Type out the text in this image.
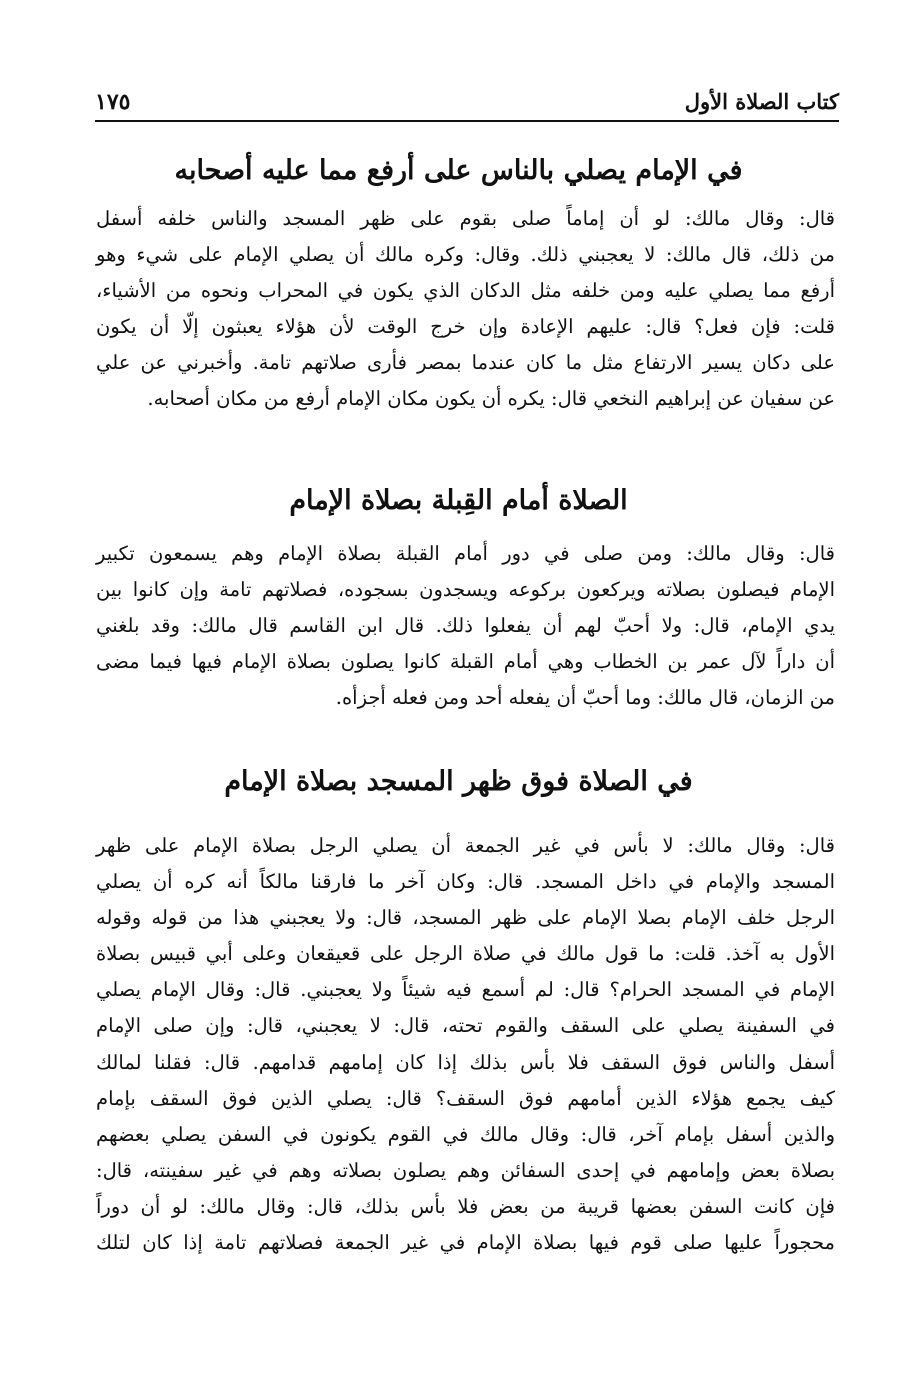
كتاب الصلاة الأول
١٧٥
في الإمام يصلي بالناس على أرفع مما عليه أصحابه
قال: وقال مالك: لو أن إماماً صلى بقوم على ظهر المسجد والناس خلفه أسفل
من ذلك، قال مالك: لا يعجبني ذلك. وقال: وكره مالك أن يصلي الإمام على شيء وهو
أرفع مما يصلي عليه ومن خلفه مثل الدكان الذي يكون في المحراب ونحوه من الأشياء،
قلت: فإن فعل؟ قال: عليهم الإعادة وإن خرج الوقت لأن هؤلاء يعبثون إلّا أن يكون
على دكان يسير الارتفاع مثل ما كان عندما بمصر فأرى صلاتهم تامة. وأخبرني عن علي
عن سفيان عن إبراهيم النخعي قال: يكره أن يكون مكان الإمام أرفع من مكان أصحابه.
الصلاة أمام القِبلة بصلاة الإمام
قال: وقال مالك: ومن صلى في دور أمام القبلة بصلاة الإمام وهم يسمعون تكبير
الإمام فيصلون بصلاته ويركعون بركوعه ويسجدون بسجوده، فصلاتهم تامة وإن كانوا بين
يدي الإمام، قال: ولا أحبّ لهم أن يفعلوا ذلك. قال ابن القاسم قال مالك: وقد بلغني
أن داراً لآل عمر بن الخطاب وهي أمام القبلة كانوا يصلون بصلاة الإمام فيها فيما مضى
من الزمان، قال مالك: وما أحبّ أن يفعله أحد ومن فعله أجزأه.
في الصلاة فوق ظهر المسجد بصلاة الإمام
قال: وقال مالك: لا بأس في غير الجمعة أن يصلي الرجل بصلاة الإمام على ظهر
المسجد والإمام في داخل المسجد. قال: وكان آخر ما فارقنا مالكاً أنه كره أن يصلي
الرجل خلف الإمام بصلا الإمام على ظهر المسجد، قال: ولا يعجبني هذا من قوله وقوله
الأول به آخذ. قلت: ما قول مالك في صلاة الرجل على قعيقعان وعلى أبي قبيس بصلاة
الإمام في المسجد الحرام؟ قال: لم أسمع فيه شيئاً ولا يعجبني. قال: وقال الإمام يصلي
في السفينة يصلي على السقف والقوم تحته، قال: لا يعجبني، قال: وإن صلى الإمام
أسفل والناس فوق السقف فلا بأس بذلك إذا كان إمامهم قدامهم. قال: فقلنا لمالك
كيف يجمع هؤلاء الذين أمامهم فوق السقف؟ قال: يصلي الذين فوق السقف بإمام
والذين أسفل بإمام آخر، قال: وقال مالك في القوم يكونون في السفن يصلي بعضهم
بصلاة بعض وإمامهم في إحدى السفائن وهم يصلون بصلاته وهم في غير سفينته، قال:
فإن كانت السفن بعضها قريبة من بعض فلا بأس بذلك، قال: وقال مالك: لو أن دوراً
محجوراً عليها صلى قوم فيها بصلاة الإمام في غير الجمعة فصلاتهم تامة إذا كان لتلك
